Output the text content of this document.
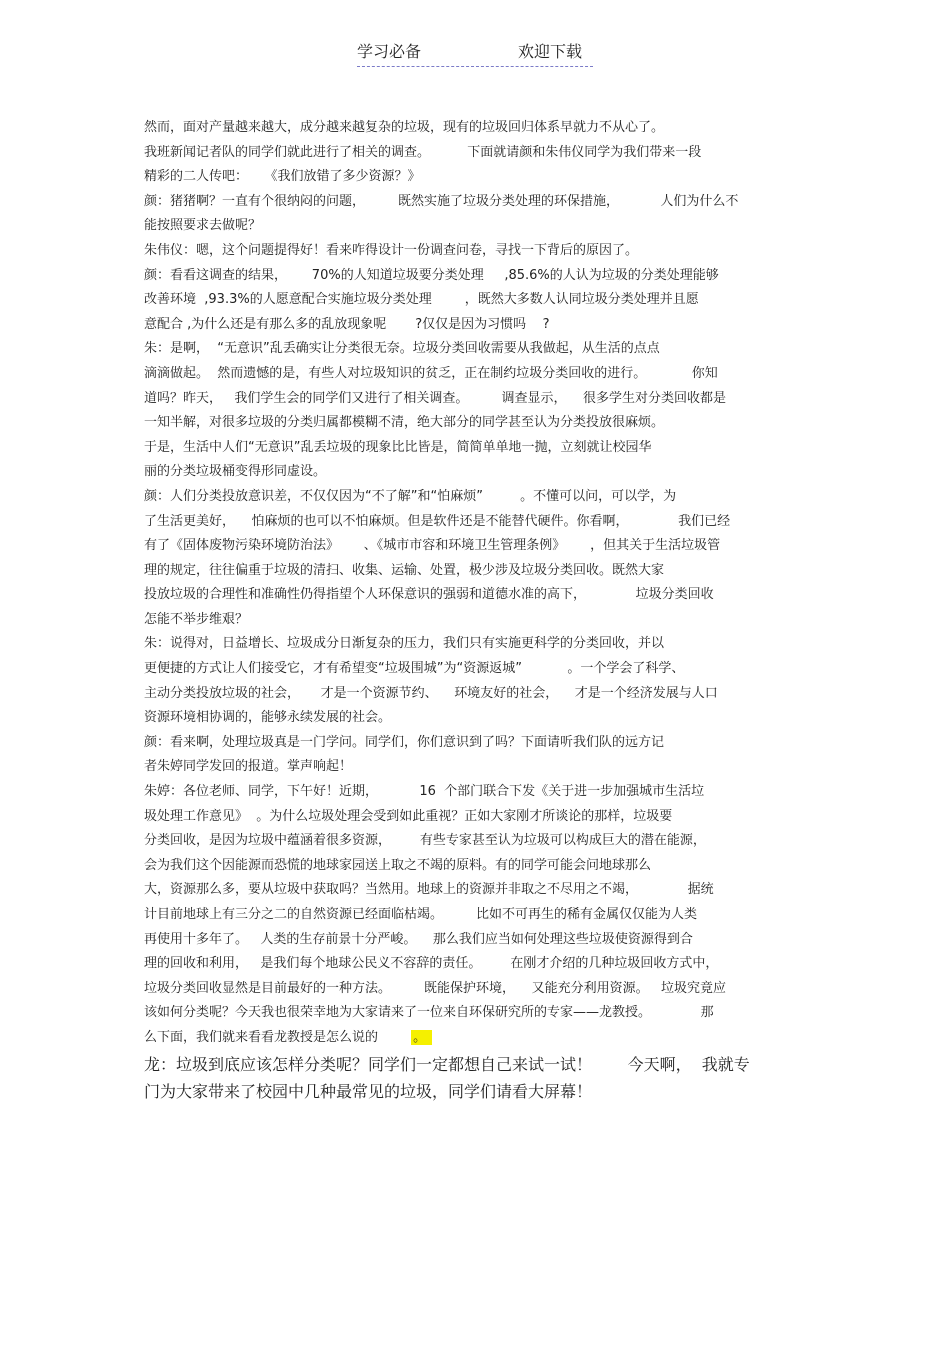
学习必备	欢迎下载
然而，面对产量越来越大，成分越来越复杂的垃圾，现有的垃圾回归体系早就力不从心了。
我班新闻记者队的同学们就此进行了相关的调查。         下面就请颜和朱伟仪同学为我们带来一段
精彩的二人传吧：    《我们放错了多少资源？》
颜：猪猪啊？一直有个很纳闷的问题，        既然实施了垃圾分类处理的环保措施，          人们为什么不
能按照要求去做呢？
朱伟仪：嗯，这个问题提得好！看来咋得设计一份调查问卷，寻找一下背后的原因了。
颜：看看这调查的结果，      70%的人知道垃圾要分类处理     ,85.6%的人认为垃圾的分类处理能够
改善环境  ,93.3%的人愿意配合实施垃圾分类处理        ，既然大多数人认同垃圾分类处理并且愿
意配合 ,为什么还是有那么多的乱放现象呢       ?仅仅是因为习惯吗    ?
朱：是啊，  “无意识”乱丢确实让分类很无奈。垃圾分类回收需要从我做起，从生活的点点
滴滴做起。  然而遗憾的是，有些人对垃圾知识的贫乏，正在制约垃圾分类回收的进行。           你知
道吗？昨天，   我们学生会的同学们又进行了相关调查。        调查显示，    很多学生对分类回收都是
一知半解，对很多垃圾的分类归属都模糊不清，绝大部分的同学甚至认为分类投放很麻烦。
于是，生活中人们“无意识”乱丢垃圾的现象比比皆是，简简单单地一抛，立刻就让校园华
丽的分类垃圾桶变得形同虚设。
颜：人们分类投放意识差，不仅仅因为“不了解”和“怕麻烦”         。不懂可以问，可以学，为
了生活更美好，    怕麻烦的也可以不怕麻烦。但是软件还是不能替代硬件。你看啊，            我们已经
有了《固体废物污染环境防治法》      、《城市市容和环境卫生管理条例》      ，但其关于生活垃圾管
理的规定，往往偏重于垃圾的清扫、收集、运输、处置，极少涉及垃圾分类回收。既然大家
投放垃圾的合理性和准确性仍得指望个人环保意识的强弱和道德水准的高下，            垃圾分类回收
怎能不举步维艰？
朱：说得对，日益增长、垃圾成分日渐复杂的压力，我们只有实施更科学的分类回收，并以
更便捷的方式让人们接受它，才有希望变“垃圾围城”为“资源返城”           。一个学会了科学、
主动分类投放垃圾的社会，     才是一个资源节约、    环境友好的社会，    才是一个经济发展与人口
资源环境相协调的，能够永续发展的社会。
颜：看来啊，处理垃圾真是一门学问。同学们，你们意识到了吗？下面请听我们队的远方记
者朱婷同学发回的报道。掌声响起！
朱婷：各位老师、同学，下午好！近期，          16  个部门联合下发《关于进一步加强城市生活垃
圾处理工作意见》  。为什么垃圾处理会受到如此重视？正如大家刚才所谈论的那样，垃圾要
分类回收，是因为垃圾中蕴涵着很多资源，       有些专家甚至认为垃圾可以构成巨大的潜在能源，
会为我们这个因能源而恐慌的地球家园送上取之不竭的原料。有的同学可能会问地球那么
大，资源那么多，要从垃圾中获取吗？当然用。地球上的资源并非取之不尽用之不竭，            据统
计目前地球上有三分之二的自然资源已经面临枯竭。        比如不可再生的稀有金属仅仅能为人类
再使用十多年了。   人类的生存前景十分严峻。    那么我们应当如何处理这些垃圾使资源得到合
理的回收和利用，   是我们每个地球公民义不容辞的责任。       在刚才介绍的几种垃圾回收方式中，
垃圾分类回收显然是目前最好的一种方法。        既能保护环境，    又能充分利用资源。   垃圾究竟应
该如何分类呢？今天我也很荣幸地为大家请来了一位来自环保研究所的专家——龙教授。            那
么下面，我们就来看看龙教授是怎么说的        。
龙：垃圾到底应该怎样分类呢？同学们一定都想自己来试一试！       今天啊，  我就专
门为大家带来了校园中几种最常见的垃圾，同学们请看大屏幕！
